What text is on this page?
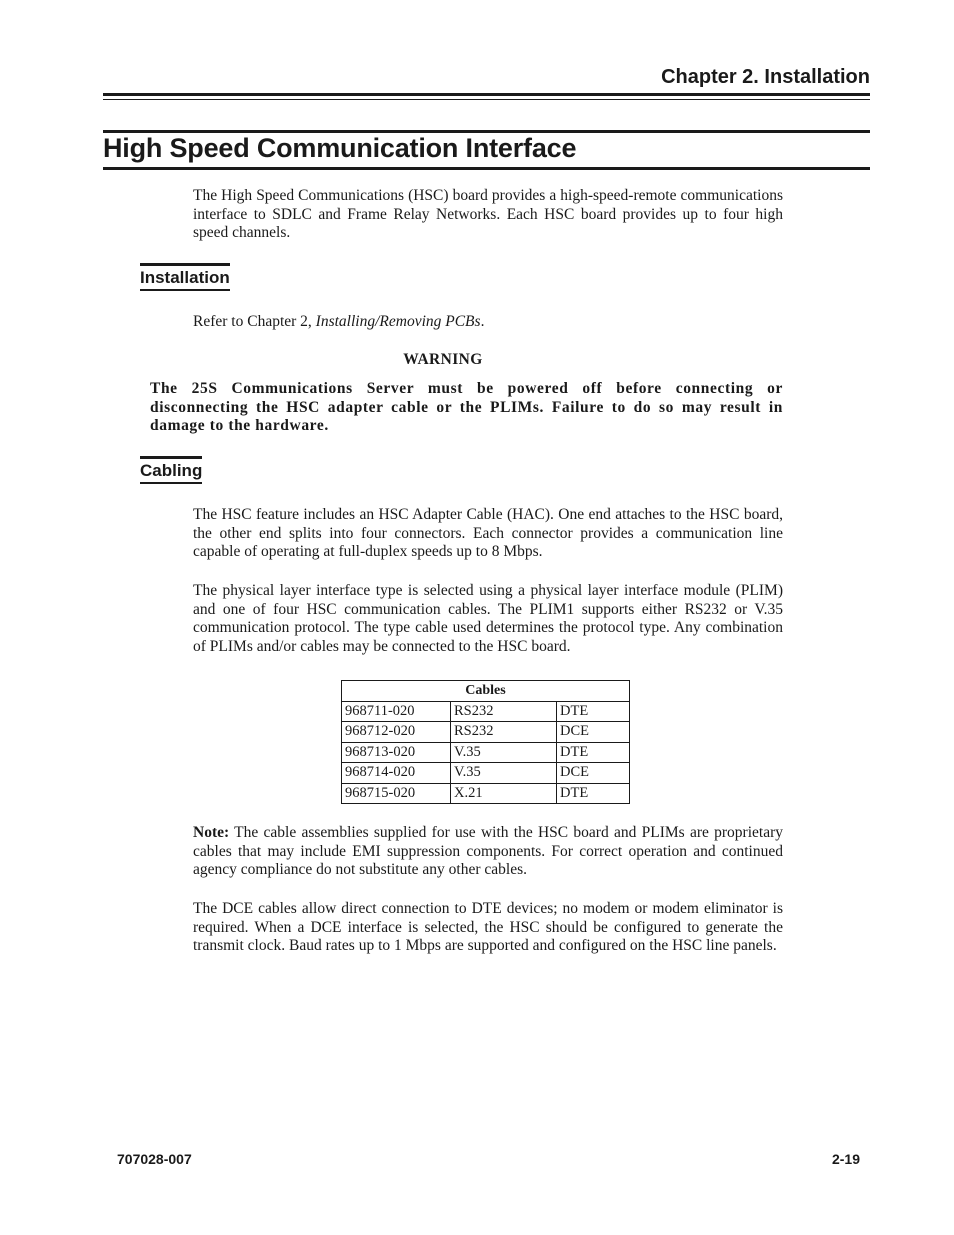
Chapter 2. Installation
High Speed Communication Interface

The High Speed Communications (HSC) board provides a high-speed-remote communications interface to SDLC and Frame Relay Networks. Each HSC board provides up to four high speed channels.

Installation

Refer to Chapter 2, Installing/Removing PCBs.

WARNING

The 25S Communications Server must be powered off before connecting or disconnecting the HSC adapter cable or the PLIMs. Failure to do so may result in damage to the hardware.

Cabling

The HSC feature includes an HSC Adapter Cable (HAC). One end attaches to the HSC board, the other end splits into four connectors. Each connector provides a communication line capable of operating at full-duplex speeds up to 8 Mbps.

The physical layer interface type is selected using a physical layer interface module (PLIM) and one of four HSC communication cables. The PLIM1 supports either RS232 or V.35 communication protocol. The type cable used determines the protocol type. Any combination of PLIMs and/or cables may be connected to the HSC board.

Cables		
968711-020	RS232	DTE
968712-020	RS232	DCE
968713-020	V.35	DTE
968714-020	V.35	DCE
968715-020	X.21	DTE

Note: The cable assemblies supplied for use with the HSC board and PLIMs are proprietary cables that may include EMI suppression components. For correct operation and continued agency compliance do not substitute any other cables.

The DCE cables allow direct connection to DTE devices; no modem or modem eliminator is required. When a DCE interface is selected, the HSC should be configured to generate the transmit clock. Baud rates up to 1 Mbps are supported and configured on the HSC line panels.

707028-007	2-19
